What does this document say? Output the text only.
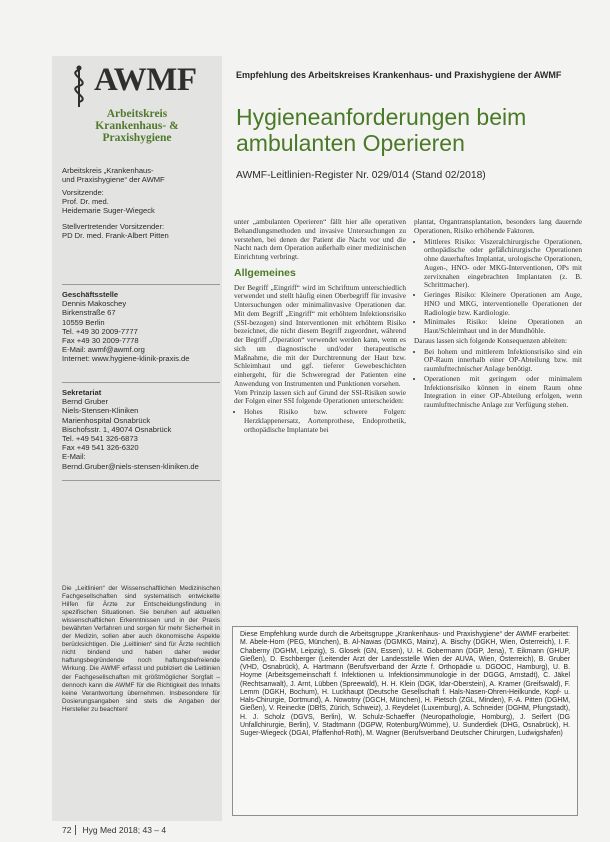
AWMF
Arbeitskreis
Krankenhaus- &
Praxishygiene
Arbeitskreis „Krankenhaus-
und Praxishygiene“ der AWMF
Vorsitzende:
Prof. Dr. med.
Heidemarie Suger-Wiegeck
Stellvertretender Vorsitzender:
PD Dr. med. Frank-Albert Pitten
Geschäftsstelle
Dennis Makoschey
Birkenstraße 67
10559 Berlin
Tel. +49 30 2009-7777
Fax +49 30 2009-7778
E-Mail: awmf@awmf.org
Internet: www.hygiene-klinik-praxis.de
Sekretariat
Bernd Gruber
Niels-Stensen-Kliniken
Marienhospital Osnabrück
Bischofsstr. 1, 49074 Osnabrück
Tel. +49 541 326-6873
Fax +49 541 326-6320
E-Mail:
Bernd.Gruber@niels-stensen-kliniken.de
Die „Leitlinien“ der Wissenschaftlichen Medizinischen Fachgesellschaften sind systematisch entwickelte Hilfen für Ärzte zur Entscheidungsfindung in spezifischen Situationen. Sie beruhen auf aktuellen wissenschaftlichen Erkenntnissen und in der Praxis bewährten Verfahren und sorgen für mehr Sicherheit in der Medizin, sollen aber auch ökonomische Aspekte berücksichtigen. Die „Leitlinien“ sind für Ärzte rechtlich nicht bindend und haben daher weder haftungsbegründende noch haftungsbefreiende Wirkung. Die AWMF erfasst und publiziert die Leitlinien der Fachgesellschaften mit größtmöglicher Sorgfalt – dennoch kann die AWMF für die Richtigkeit des Inhalts keine Verantwortung übernehmen. Insbesondere für Dosierungsangaben sind stets die Angaben der Hersteller zu beachten!
Empfehlung des Arbeitskreises Krankenhaus- und Praxishygiene der AWMF
Hygieneanforderungen beim
ambulanten Operieren
AWMF-Leitlinien-Register Nr. 029/014 (Stand 02/2018)

unter „ambulanten Operieren“ fällt hier alle operativen Behandlungsmethoden und invasive Untersuchungen zu verstehen, bei denen der Patient die Nacht vor und die Nacht nach dem Operation außerhalb einer medizinischen Einrichtung verbringt.

Allgemeines

Der Begriff „Eingriff“ wird im Schrifttum unterschiedlich verwendet und stellt häufig einen Oberbegriff für invasive Untersuchungen oder minimalinvasive Operationen dar. Mit dem Begriff „Eingriff“ mit erhöhtem Infektionsrisiko (SSI-bezogen) sind Interventionen mit erhöhtem Risiko bezeichnet, die nicht diesem Begriff zugeordnet, während der Begriff „Operation“ verwendet werden kann, wenn es sich um diagnostische und/oder therapeutische Maßnahme, die mit der Durchtrennung der Haut bzw. Schleimhaut und ggf. tieferer Gewebeschichten einhergeht, für die Schweregrad der Patienten eine Anwendung von Instrumenten und Punktionen vorsehen.

Vom Prinzip lassen sich auf Grund der SSI-Risiken sowie der Folgen einer SSI folgende Operationen unterscheiden:

• Hohes Risiko bzw. schwere Folgen: Herzklappenersatz, Aortenprothese, Endoprothetik, orthopädische Implantate bei

plantat, Organtransplantation, besonders lang dauernde Operationen, Risiko erhöhende Faktoren.

• Mittleres Risiko: Viszeralchirurgische Operationen, orthopädische oder gefäßchirurgische Operationen ohne dauerhaftes Implantat, urologische Operationen, Augen-, HNO- oder MKG-Interventionen, OPs mit zervixnahen eingebrachten Implantaten (z. B. Schrittmacher).
• Geringes Risiko: Kleinere Operationen am Auge, HNO und MKG, interventionelle Operationen der Radiologie bzw. Kardiologie.
• Minimales Risiko: kleine Operationen an Haut/Schleimhaut und in der Mundhöhle.

Daraus lassen sich folgende Konsequenzen ableiten:

• Bei hohem und mittlerem Infektionsrisiko sind ein OP-Raum innerhalb einer OP-Abteilung bzw. mit raumlufttechnischer Anlage benötigt.
• Operationen mit geringem oder minimalem Infektionsrisiko können in einem Raum ohne Integration in einer OP-Abteilung erfolgen, wenn raumlufttechnische Anlage zur Verfügung stehen.
Diese Empfehlung wurde durch die Arbeitsgruppe „Krankenhaus- und Praxishygiene“ der AWMF erarbeitet: M. Abele-Horn (PEG, München), B. Al-Nawas (DGMKG, Mainz), A. Bischy (DGKH, Wien, Österreich), I. F. Chaberny (DGHM, Leipzig), S. Glosek (GN, Essen), U. H. Gobermann (DGP, Jena), T. Eikmann (GHUP, Gießen), D. Eschberger (Leitender Arzt der Landesstelle Wien der AUVA, Wien, Österreich), B. Gruber (VHD, Osnabrück), A. Hartmann (Berufsverband der Ärzte f. Orthopädie u. DGOOC, Hamburg), U. B. Hoyme (Arbeitsgemeinschaft f. Infektionen u. Infektionsimmunologie in der DGGG, Arnstadt), C. Jäkel (Rechtsanwalt), J. Arnt, Lübben (Spreewald), H. H. Klein (DGK, Idar-Oberstein), A. Kramer (Greifswald), F. Lemm (DGKH, Bochum), H. Luckhaupt (Deutsche Gesellschaft f. Hals-Nasen-Ohren-Heilkunde, Kopf- u. Hals-Chirurgie, Dortmund), A. Nowotny (DGCH, München), H. Pietsch (ZGL, Minden), F.-A. Pitten (DGHM, Gießen), V. Reinecke (DBfS, Zürich, Schweiz), J. Reydelet (Luxemburg), A. Schneider (DGHM, Pfungstadt), H. J. Scholz (DGVS, Berlin), W. Schulz-Schaeffer (Neuropathologie, Homburg), J. Seifert (DG Unfallchirurgie, Berlin), V. Stadtmann (DGPW, Rotenburg/Wümme), U. Sunderdiek (DHG, Osnabrück), H. Suger-Wiegeck (DGAI, Pfaffenhof-Roth), M. Wagner (Berufsverband Deutscher Chirurgen, Ludwigshafen)
72 Hyg Med 2018; 43 – 4
